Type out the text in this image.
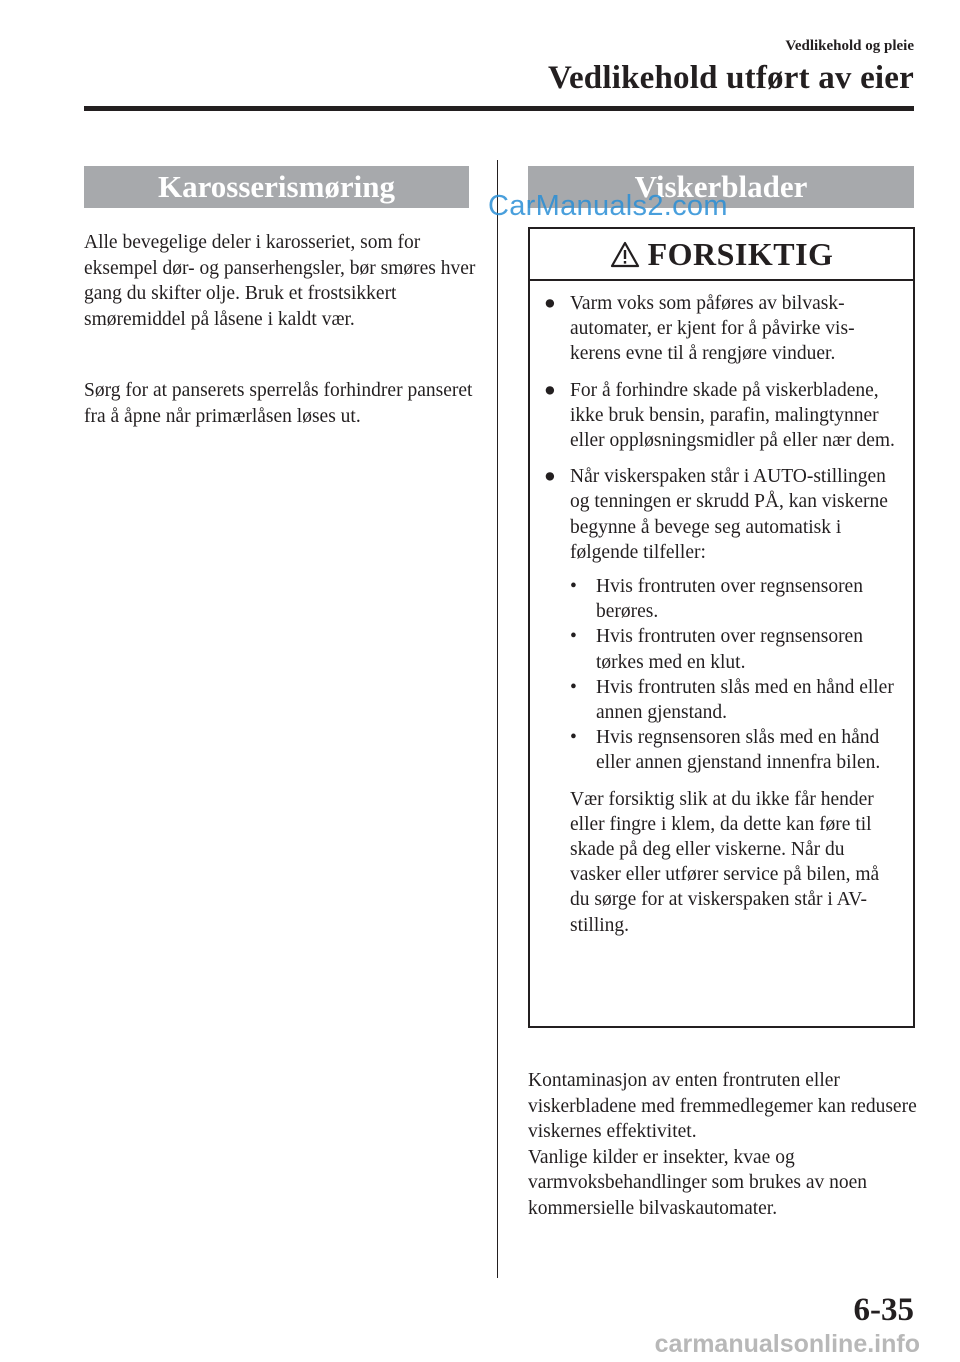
Vedlikehold og pleie
Vedlikehold utført av eier
Karosserismøring

Alle bevegelige deler i karosseriet, som for eksempel dør- og panserhengsler, bør smøres hver gang du skifter olje. Bruk et frostsikkert smøremiddel på låsene i kaldt vær.

Sørg for at panserets sperrelås forhindrer panseret fra å åpne når primærlåsen løses ut.

Viskerblader
FORSIKTIG
● Varm voks som påføres av bilvask-automater, er kjent for å påvirke vis-kerens evne til å rengjøre vinduer.
● For å forhindre skade på viskerbladene, ikke bruk bensin, parafin, malingtynner eller oppløsningsmidler på eller nær dem.
● Når viskerspaken står i AUTO-stillingen og tenningen er skrudd PÅ, kan viskerne begynne å bevege seg automatisk i følgende tilfeller:
• Hvis frontruten over regnsensoren berøres.
• Hvis frontruten over regnsensoren tørkes med en klut.
• Hvis frontruten slås med en hånd eller annen gjenstand.
• Hvis regnsensoren slås med en hånd eller annen gjenstand innenfra bilen.
Vær forsiktig slik at du ikke får hender eller fingre i klem, da dette kan føre til skade på deg eller viskerne. Når du vasker eller utfører service på bilen, må du sørge for at viskerspaken står i AV-stilling.
Kontaminasjon av enten frontruten eller viskerbladene med fremmedlegemer kan redusere viskernes effektivitet.
Vanlige kilder er insekter, kvae og varmvoksbehandlinger som brukes av noen kommersielle bilvaskautomater.
CarManuals2.com
6-35
carmanualsonline.info
